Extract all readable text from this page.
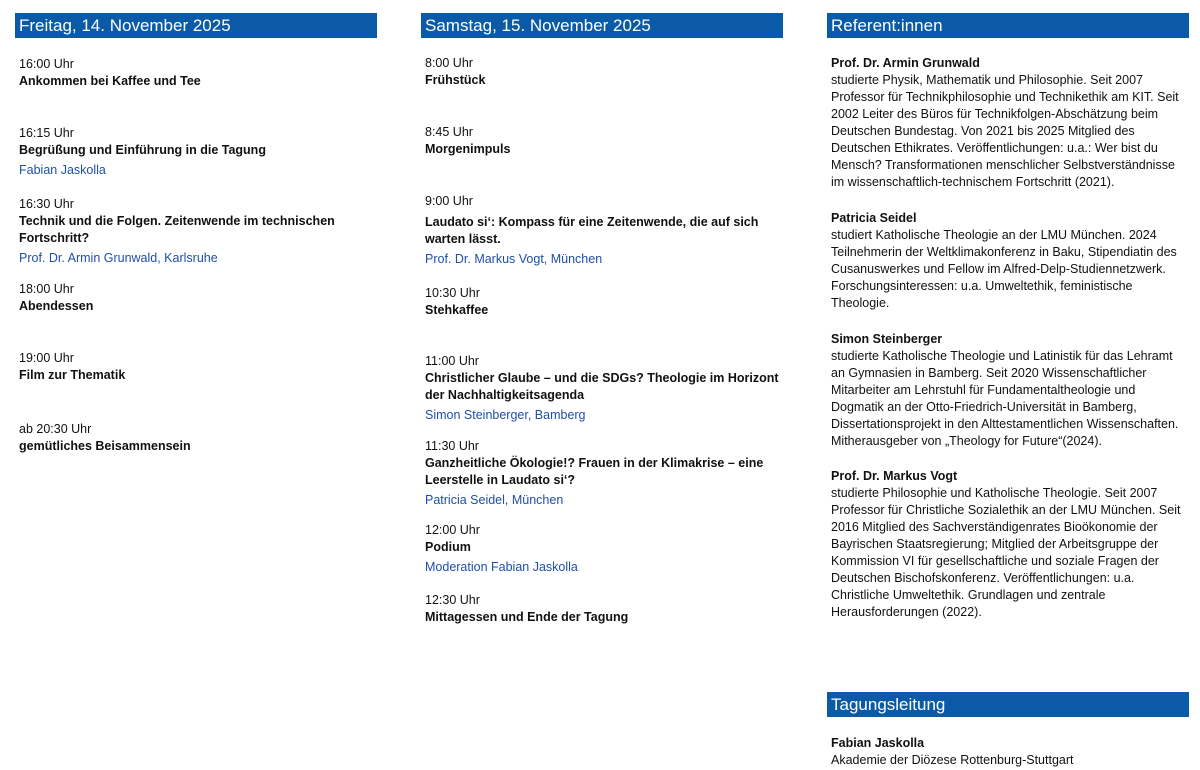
Freitag, 14. November 2025
16:00 Uhr
Ankommen bei Kaffee und Tee
16:15 Uhr
Begrüßung und Einführung in die Tagung
Fabian Jaskolla
16:30 Uhr
Technik und die Folgen. Zeitenwende im technischen Fortschritt?
Prof. Dr. Armin Grunwald, Karlsruhe
18:00 Uhr
Abendessen
19:00 Uhr
Film zur Thematik
ab 20:30 Uhr
gemütliches Beisammensein
Samstag, 15. November 2025
8:00 Uhr
Frühstück
8:45 Uhr
Morgenimpuls
9:00 Uhr
Laudato si‘: Kompass für eine Zeitenwende, die auf sich warten lässt.
Prof. Dr. Markus Vogt, München
10:30 Uhr
Stehkaffee
11:00 Uhr
Christlicher Glaube – und die SDGs? Theologie im Horizont der Nachhaltigkeitsagenda
Simon Steinberger, Bamberg
11:30 Uhr
Ganzheitliche Ökologie!? Frauen in der Klimakrise – eine Leerstelle in Laudato si‘?
Patricia Seidel, München
12:00 Uhr
Podium
Moderation Fabian Jaskolla
12:30 Uhr
Mittagessen und Ende der Tagung
Referent:innen
Prof. Dr. Armin Grunwald
studierte Physik, Mathematik und Philosophie. Seit 2007 Professor für Technikphilosophie und Technikethik am KIT. Seit 2002 Leiter des Büros für Technikfolgen-Abschätzung beim Deutschen Bundestag. Von 2021 bis 2025 Mitglied des Deutschen Ethikrates. Veröffentlichungen: u.a.: Wer bist du Mensch? Transformationen menschlicher Selbstverständnisse im wissenschaftlich-technischem Fortschritt (2021).
Patricia Seidel
studiert Katholische Theologie an der LMU München. 2024 Teilnehmerin der Weltklimakonferenz in Baku, Stipendiatin des Cusanuswerkes und Fellow im Alfred-Delp-Studiennetzwerk. Forschungsinteressen: u.a. Umweltethik, feministische Theologie.
Simon Steinberger
studierte Katholische Theologie und Latinistik für das Lehramt an Gymnasien in Bamberg. Seit 2020 Wissenschaftlicher Mitarbeiter am Lehrstuhl für Fundamentaltheologie und Dogmatik an der Otto-Friedrich-Universität in Bamberg, Dissertationsprojekt in den Alttestamentlichen Wissenschaften. Mitherausgeber von „Theology for Future“(2024).
Prof. Dr. Markus Vogt
studierte Philosophie und Katholische Theologie. Seit 2007 Professor für Christliche Sozialethik an der LMU München. Seit 2016 Mitglied des Sachverständigenrates Bioökonomie der Bayrischen Staatsregierung; Mitglied der Arbeitsgruppe der Kommission VI für gesellschaftliche und soziale Fragen der Deutschen Bischofskonferenz. Veröffentlichungen: u.a. Christliche Umweltethik. Grundlagen und zentrale Herausforderungen (2022).
Tagungsleitung
Fabian Jaskolla
Akademie der Diözese Rottenburg-Stuttgart
